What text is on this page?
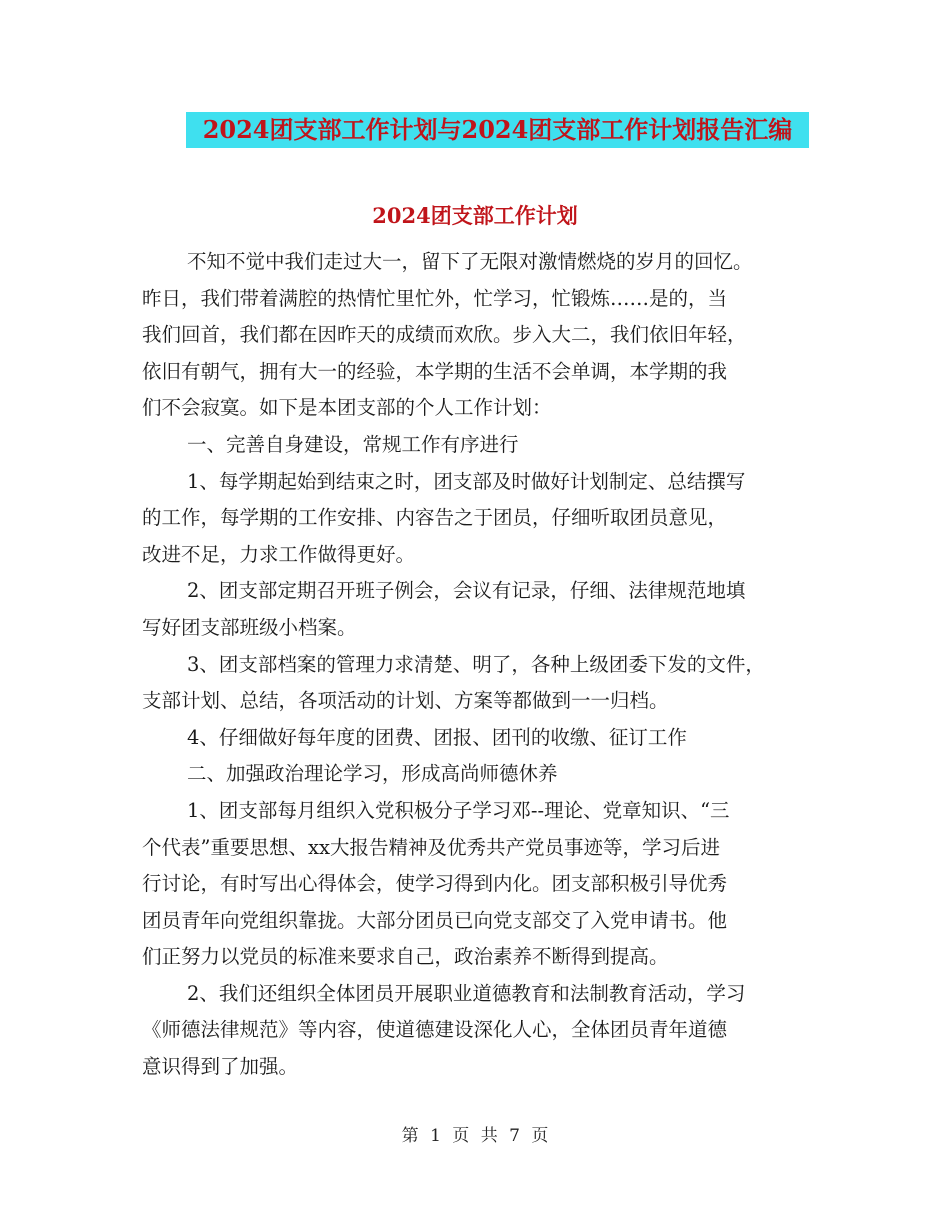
2024团支部工作计划与2024团支部工作计划报告汇编
2024团支部工作计划
不知不觉中我们走过大一，留下了无限对激情燃烧的岁月的回忆。
昨日，我们带着满腔的热情忙里忙外，忙学习，忙锻炼……是的，当
我们回首，我们都在因昨天的成绩而欢欣。步入大二，我们依旧年轻，
依旧有朝气，拥有大一的经验，本学期的生活不会单调，本学期的我
们不会寂寞。如下是本团支部的个人工作计划：
一、完善自身建设，常规工作有序进行
1、每学期起始到结束之时，团支部及时做好计划制定、总结撰写
的工作，每学期的工作安排、内容告之于团员，仔细听取团员意见，
改进不足，力求工作做得更好。
2、团支部定期召开班子例会，会议有记录，仔细、法律规范地填
写好团支部班级小档案。
3、团支部档案的管理力求清楚、明了，各种上级团委下发的文件，
支部计划、总结，各项活动的计划、方案等都做到一一归档。
4、仔细做好每年度的团费、团报、团刊的收缴、征订工作
二、加强政治理论学习，形成高尚师德休养
1、团支部每月组织入党积极分子学习邓--理论、党章知识、“三
个代表”重要思想、xx大报告精神及优秀共产党员事迹等，学习后进
行讨论，有时写出心得体会，使学习得到内化。团支部积极引导优秀
团员青年向党组织靠拢。大部分团员已向党支部交了入党申请书。他
们正努力以党员的标准来要求自己，政治素养不断得到提高。
2、我们还组织全体团员开展职业道德教育和法制教育活动，学习
《师德法律规范》等内容，使道德建设深化人心，全体团员青年道德
意识得到了加强。
第 1 页 共 7 页
